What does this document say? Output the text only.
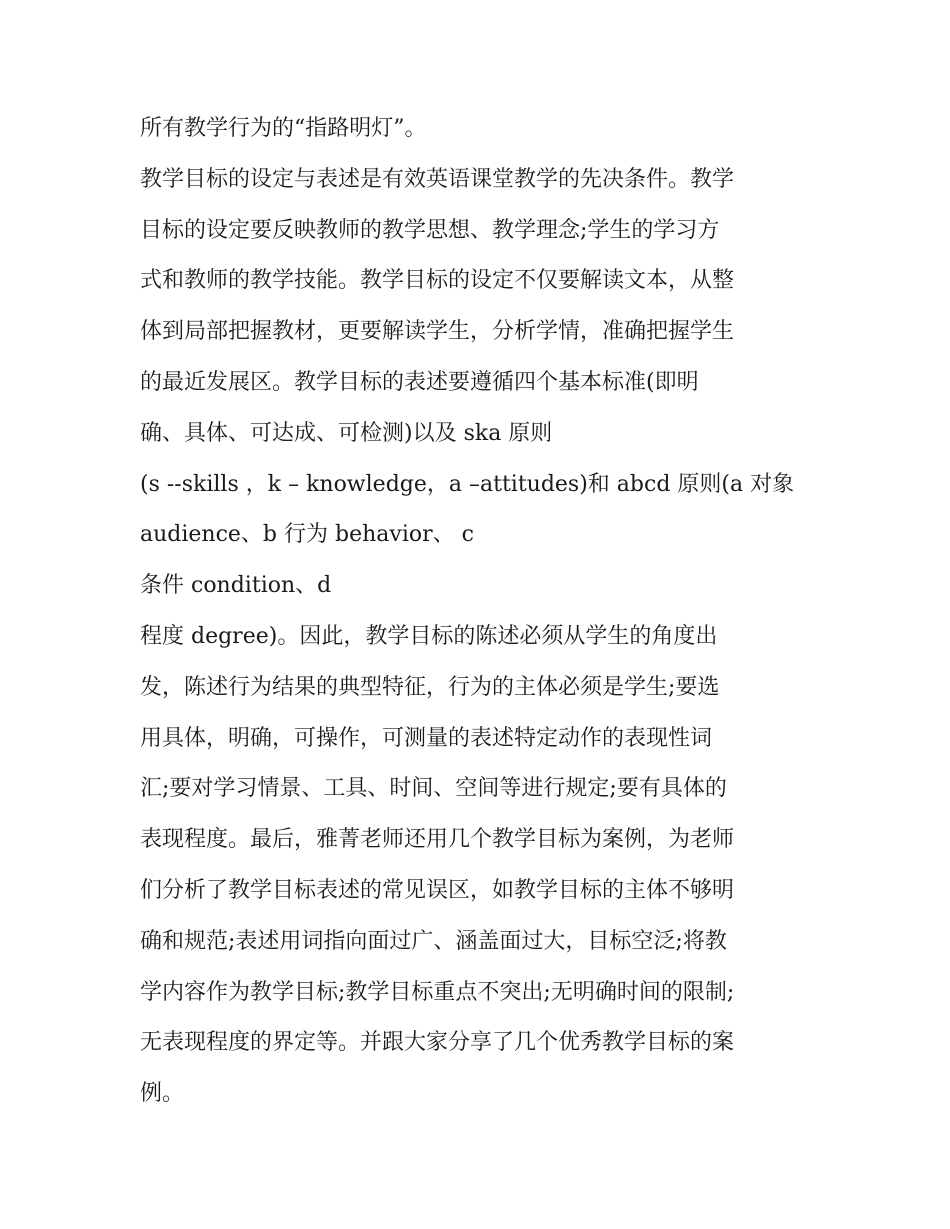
所有教学行为的“指路明灯”。
教学目标的设定与表述是有效英语课堂教学的先决条件。教学
目标的设定要反映教师的教学思想、教学理念;学生的学习方
式和教师的教学技能。教学目标的设定不仅要解读文本，从整
体到局部把握教材，更要解读学生，分析学情，准确把握学生
的最近发展区。教学目标的表述要遵循四个基本标准(即明
确、具体、可达成、可检测)以及 ska 原则
(s --skills ，k – knowledge，a –attitudes)和 abcd 原则(a 对象
audience、b 行为 behavior、 c
条件 condition、d
程度 degree)。因此，教学目标的陈述必须从学生的角度出
发，陈述行为结果的典型特征，行为的主体必须是学生;要选
用具体，明确，可操作，可测量的表述特定动作的表现性词
汇;要对学习情景、工具、时间、空间等进行规定;要有具体的
表现程度。最后，雅菁老师还用几个教学目标为案例，为老师
们分析了教学目标表述的常见误区，如教学目标的主体不够明
确和规范;表述用词指向面过广、涵盖面过大，目标空泛;将教
学内容作为教学目标;教学目标重点不突出;无明确时间的限制;
无表现程度的界定等。并跟大家分享了几个优秀教学目标的案
例。
